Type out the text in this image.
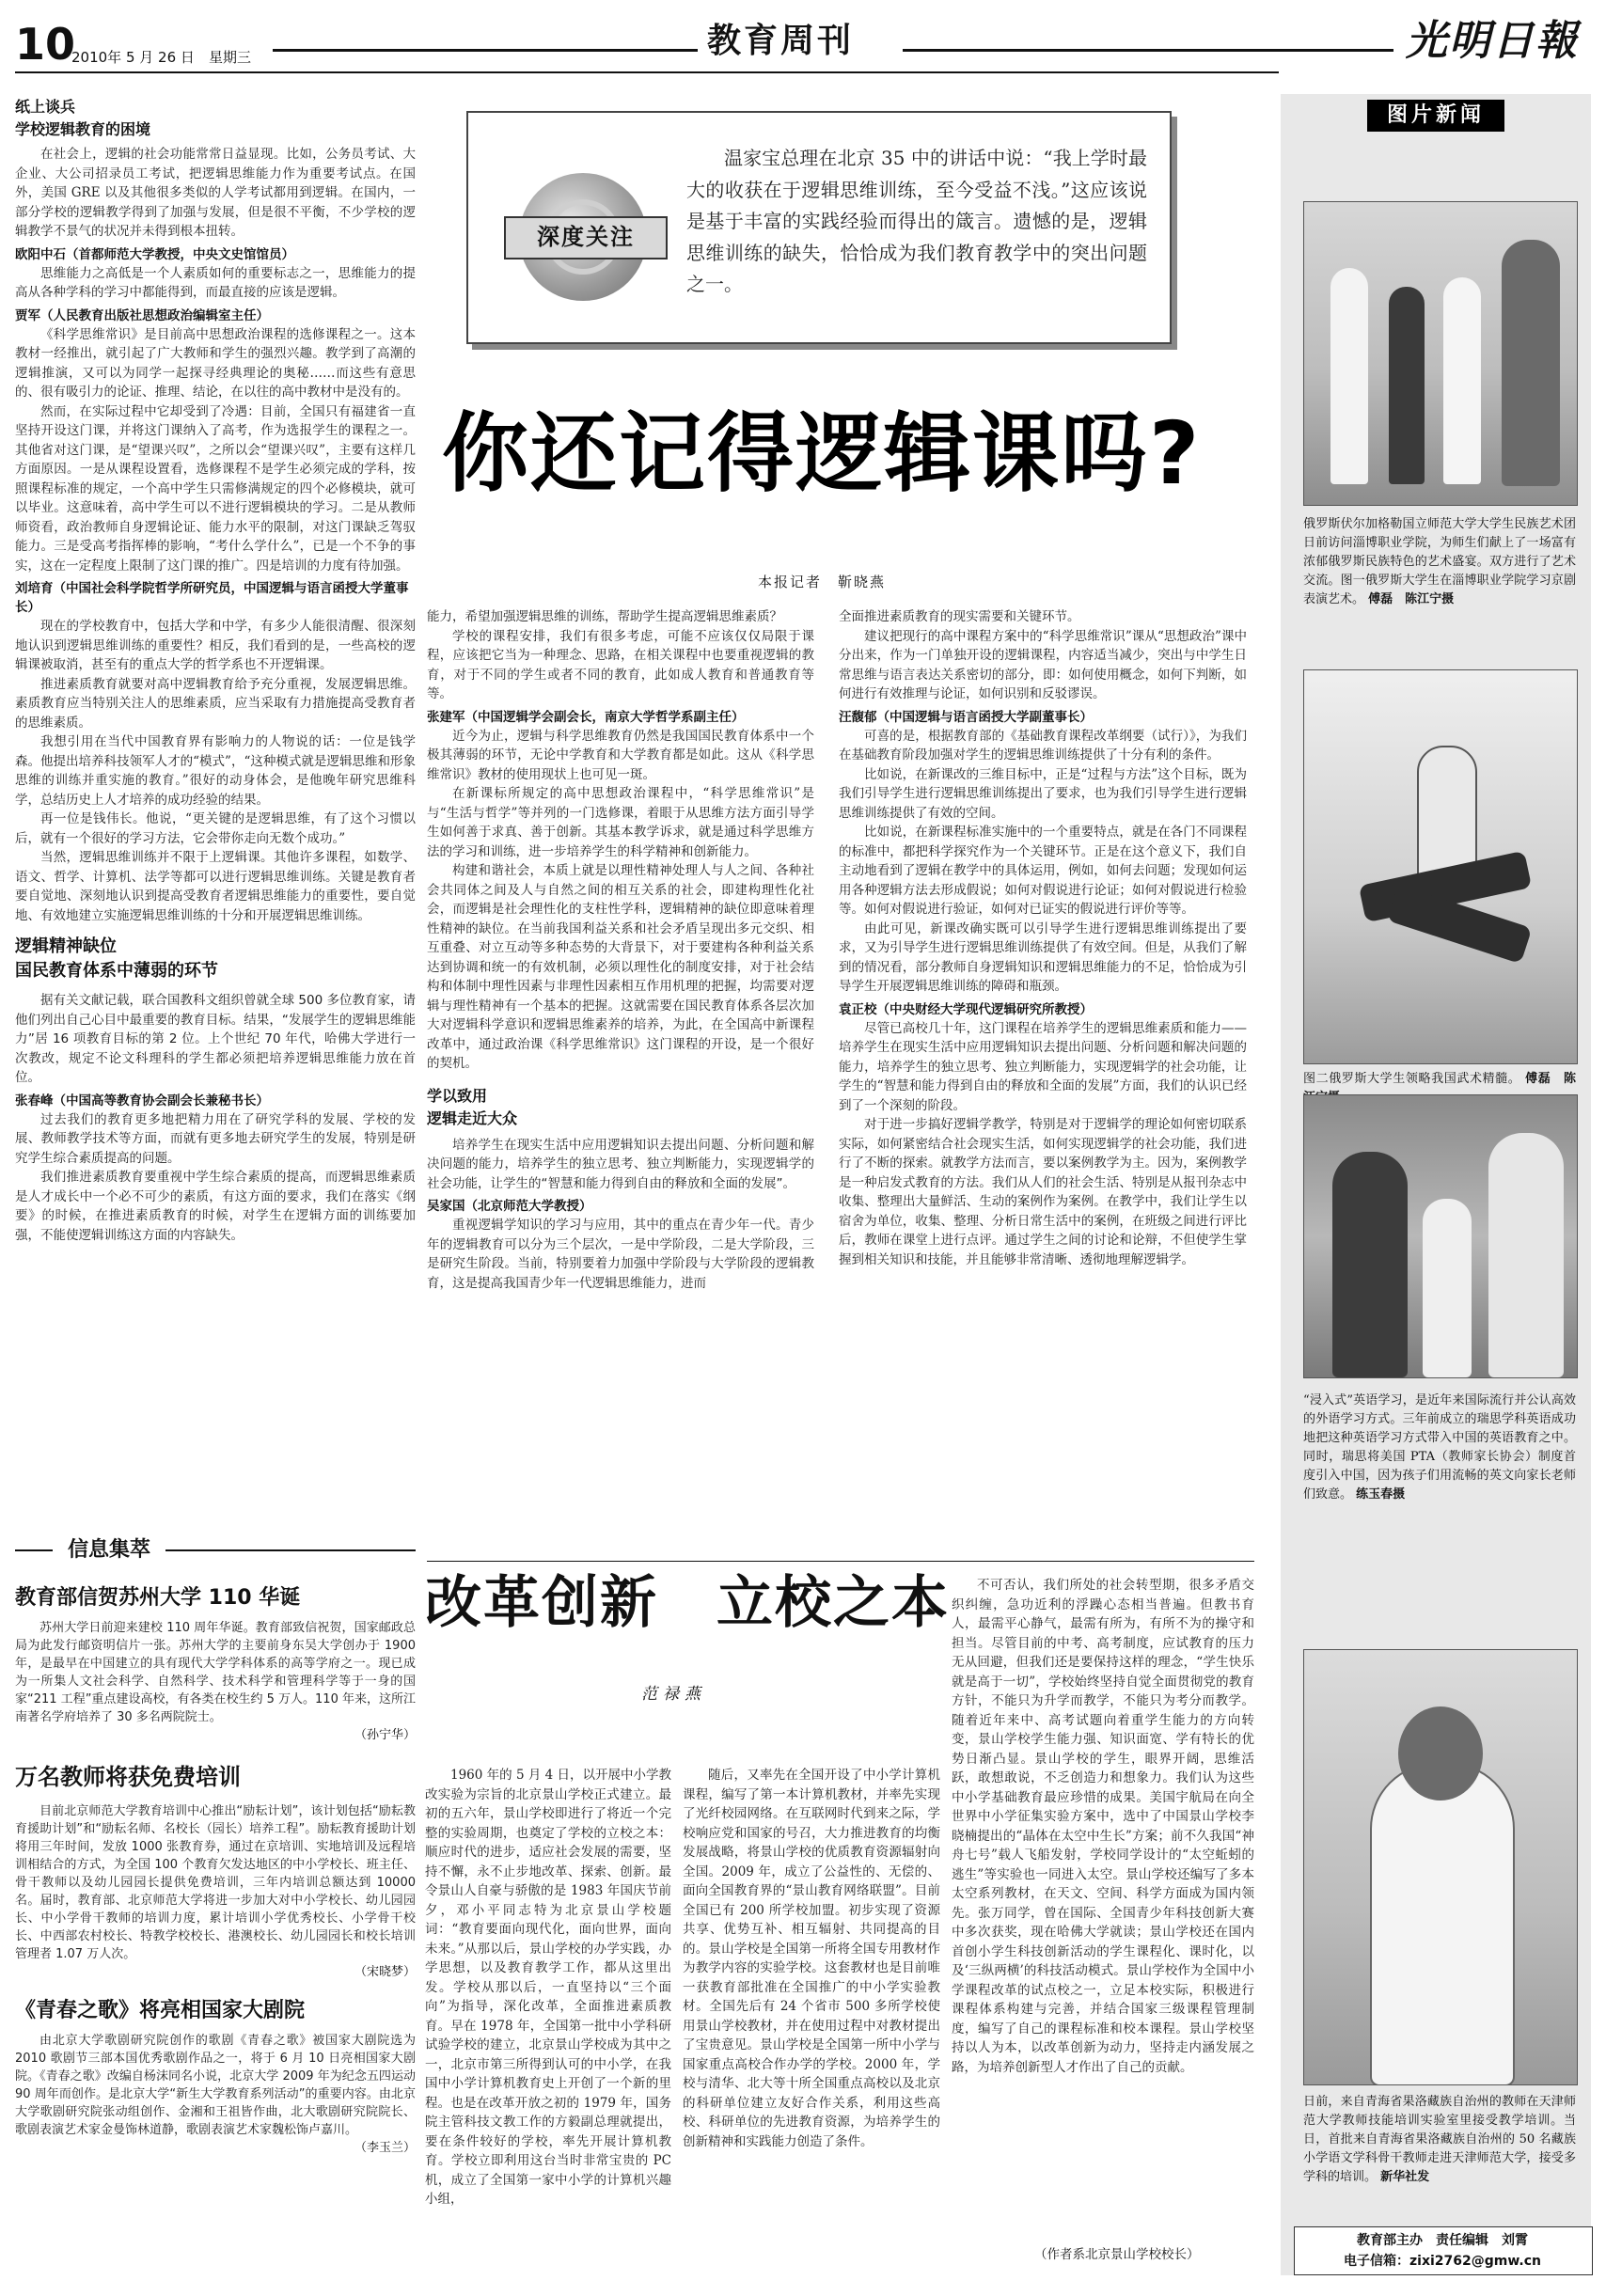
10
2010年 5 月 26 日 星期三	教育周刊	光明日報
纸上谈兵
学校逻辑教育的困境

在社会上，逻辑的社会功能常常日益显现。比如，公务员考试、大企业、大公司招录员工考试，把逻辑思维能力作为重要考试点。在国外，美国 GRE 以及其他很多类似的人学考试都用到逻辑。在国内，一部分学校的逻辑教学得到了加强与发展，但是很不平衡，不少学校的逻辑教学不景气的状况并未得到根本扭转。

欧阳中石（首都师范大学教授，中央文史馆馆员）

思维能力之高低是一个人素质如何的重要标志之一，思维能力的提高从各种学科的学习中都能得到，而最直接的应该是逻辑。

贾军（人民教育出版社思想政治编辑室主任）

《科学思维常识》是目前高中思想政治课程的选修课程之一。这本教材一经推出，就引起了广大教师和学生的强烈兴趣。教学到了高潮的逻辑推演，又可以为同学一起探寻经典理论的奥秘……而这些有意思的、很有吸引力的论证、推理、结论，在以往的高中教材中是没有的。

然而，在实际过程中它却受到了冷遇：目前，全国只有福建省一直坚持开设这门课，并将这门课纳入了高考，作为选报学生的课程之一。其他省对这门课，是“望课兴叹”，之所以会“望课兴叹”，主要有这样几方面原因。一是从课程设置看，选修课程不是学生必须完成的学科，按照课程标准的规定，一个高中学生只需修满规定的四个必修模块，就可以毕业。这意味着，高中学生可以不进行逻辑模块的学习。二是从教师师资看，政治教师自身逻辑论证、能力水平的限制，对这门课缺乏驾驭能力。三是受高考指挥棒的影响，“考什么学什么”，已是一个不争的事实，这在一定程度上限制了这门课的推广。四是培训的力度有待加强。

刘培育（中国社会科学院哲学所研究员，中国逻辑与语言函授大学董事长）

现在的学校教育中，包括大学和中学，有多少人能很清醒、很深刻地认识到逻辑思维训练的重要性？相反，我们看到的是，一些高校的逻辑课被取消，甚至有的重点大学的哲学系也不开逻辑课。

推进素质教育就要对高中逻辑教育给予充分重视，发展逻辑思维。素质教育应当特别关注人的思维素质，应当采取有力措施提高受教育者的思维素质。

我想引用在当代中国教育界有影响力的人物说的话：一位是钱学森。他提出培养科技领军人才的“模式”，“这种模式就是逻辑思维和形象思维的训练并重实施的教育。”很好的动身体会，是他晚年研究思维科学，总结历史上人才培养的成功经验的结果。

再一位是钱伟长。他说，“更关键的是逻辑思维，有了这个习惯以后，就有一个很好的学习方法，它会带你走向无数个成功。”

当然，逻辑思维训练并不限于上逻辑课。其他许多课程，如数学、语文、哲学、计算机、法学等都可以进行逻辑思维训练。关键是教育者要自觉地、深刻地认识到提高受教育者逻辑思维能力的重要性，要自觉地、有效地建立实施逻辑思维训练的十分和开展逻辑思维训练。

逻辑精神缺位
国民教育体系中薄弱的环节

据有关文献记载，联合国教科文组织曾就全球 500 多位教育家，请他们列出自己心目中最重要的教育目标。结果，“发展学生的逻辑思维能力”居 16 项教育目标的第 2 位。上个世纪 70 年代，哈佛大学进行一次教改，规定不论文科理科的学生都必须把培养逻辑思维能力放在首位。

张春峰（中国高等教育协会副会长兼秘书长）

过去我们的教育更多地把精力用在了研究学科的发展、学校的发展、教师教学技术等方面，而就有更多地去研究学生的发展，特别是研究学生综合素质提高的问题。

我们推进素质教育要重视中学生综合素质的提高，而逻辑思维素质是人才成长中一个必不可少的素质，有这方面的要求，我们在落实《纲要》的时候，在推进素质教育的时候，对学生在逻辑方面的训练要加强，不能使逻辑训练这方面的内容缺失。

深度关注
温家宝总理在北京 35 中的讲话中说：“我上学时最大的收获在于逻辑思维训练，至今受益不浅。”这应该说是基于丰富的实践经验而得出的箴言。遗憾的是，逻辑思维训练的缺失，恰恰成为我们教育教学中的突出问题之一。
你还记得逻辑课吗?
本报记者　靳晓燕

能力，希望加强逻辑思维的训练，帮助学生提高逻辑思维素质？

学校的课程安排，我们有很多考虑，可能不应该仅仅局限于课程，应该把它当为一种理念、思路，在相关课程中也要重视逻辑的教育，对于不同的学生或者不同的教育，此如成人教育和普通教育等等。

张建军（中国逻辑学会副会长，南京大学哲学系副主任）

近今为止，逻辑与科学思维教育仍然是我国国民教育体系中一个极其薄弱的环节，无论中学教育和大学教育都是如此。这从《科学思维常识》教材的使用现状上也可见一斑。

在新课标所规定的高中思想政治课程中，“科学思维常识”是与“生活与哲学”等并列的一门选修课，着眼于从思维方法方面引导学生如何善于求真、善于创新。其基本教学诉求，就是通过科学思维方法的学习和训练，进一步培养学生的科学精神和创新能力。

构建和谐社会，本质上就是以理性精神处理人与人之间、各种社会共同体之间及人与自然之间的相互关系的社会，即建构理性化社会，而逻辑是社会理性化的支柱性学科，逻辑精神的缺位即意味着理性精神的缺位。在当前我国利益关系和社会矛盾呈现出多元交织、相互重叠、对立互动等多种态势的大背景下，对于要建构各种利益关系达到协调和统一的有效机制，必须以理性化的制度安排，对于社会结构和体制中理性因素与非理性因素相互作用机理的把握，均需要对逻辑与理性精神有一个基本的把握。这就需要在国民教育体系各层次加大对逻辑科学意识和逻辑思维素养的培养，为此，在全国高中新课程改革中，通过政治课《科学思维常识》这门课程的开设，是一个很好的契机。

学以致用
逻辑走近大众

培养学生在现实生活中应用逻辑知识去提出问题、分析问题和解决问题的能力，培养学生的独立思考、独立判断能力，实现逻辑学的社会功能，让学生的“智慧和能力得到自由的释放和全面的发展”。

吴家国（北京师范大学教授）

重视逻辑学知识的学习与应用，其中的重点在青少年一代。青少年的逻辑教育可以分为三个层次，一是中学阶段，二是大学阶段，三是研究生阶段。当前，特别要着力加强中学阶段与大学阶段的逻辑教育，这是提高我国青少年一代逻辑思维能力，进而

全面推进素质教育的现实需要和关键环节。

建议把现行的高中课程方案中的“科学思维常识”课从“思想政治”课中分出来，作为一门单独开设的逻辑课程，内容适当减少，突出与中学生日常思维与语言表达关系密切的部分，即：如何使用概念，如何下判断，如何进行有效推理与论证，如何识别和反驳谬误。

汪馥郁（中国逻辑与语言函授大学副董事长）

可喜的是，根据教育部的《基础教育课程改革纲要（试行）》，为我们在基础教育阶段加强对学生的逻辑思维训练提供了十分有利的条件。

比如说，在新课改的三维目标中，正是“过程与方法”这个目标，既为我们引导学生进行逻辑思维训练提出了要求，也为我们引导学生进行逻辑思维训练提供了有效的空间。

比如说，在新课程标准实施中的一个重要特点，就是在各门不同课程的标准中，都把科学探究作为一个关键环节。正是在这个意义下，我们自主动地看到了逻辑在教学中的具体运用，例如，如何去问题；发现如何运用各种逻辑方法去形成假说；如何对假说进行论证；如何对假说进行检验等。如何对假说进行验证，如何对已证实的假说进行评价等等。

由此可见，新课改确实既可以引导学生进行逻辑思维训练提出了要求，又为引导学生进行逻辑思维训练提供了有效空间。但是，从我们了解到的情况看，部分教师自身逻辑知识和逻辑思维能力的不足，恰恰成为引导学生开展逻辑思维训练的障碍和瓶颈。

袁正校（中央财经大学现代逻辑研究所教授）

尽管已高校几十年，这门课程在培养学生的逻辑思维素质和能力——培养学生在现实生活中应用逻辑知识去提出问题、分析问题和解决问题的能力，培养学生的独立思考、独立判断能力，实现逻辑学的社会功能，让学生的“智慧和能力得到自由的释放和全面的发展”方面，我们的认识已经到了一个深刻的阶段。

对于进一步搞好逻辑学教学，特别是对于逻辑学的理论如何密切联系实际，如何紧密结合社会现实生活，如何实现逻辑学的社会功能，我们进行了不断的探索。就教学方法而言，要以案例教学为主。因为，案例教学是一种启发式教育的方法。我们从人们的社会生活、特别是从报刊杂志中收集、整理出大量鲜活、生动的案例作为案例。在教学中，我们让学生以宿舍为单位，收集、整理、分析日常生活中的案例，在班级之间进行评比后，教师在课堂上进行点评。通过学生之间的讨论和论辩，不但使学生掌握到相关知识和技能，并且能够非常清晰、透彻地理解逻辑学。

信息集萃
教育部信贺苏州大学 110 华诞

苏州大学日前迎来建校 110 周年华诞。教育部致信祝贺，国家邮政总局为此发行邮资明信片一张。苏州大学的主要前身东吴大学创办于 1900 年，是最早在中国建立的具有现代大学学科体系的高等学府之一。现已成为一所集人文社会科学、自然科学、技术科学和管理科学等于一身的国家“211 工程”重点建设高校，有各类在校生约 5 万人。110 年来，这所江南著名学府培养了 30 多名两院院士。

（孙宁华）
万名教师将获免费培训

目前北京师范大学教育培训中心推出“励耘计划”，该计划包括“励耘教育援助计划”和“励耘名师、名校长（园长）培养工程”。励耘教育援助计划将用三年时间，发放 1000 张教育券，通过在京培训、实地培训及远程培训相结合的方式，为全国 100 个教育欠发达地区的中小学校长、班主任、骨干教师以及幼儿园园长提供免费培训，三年内培训总额达到 10000 名。届时，教育部、北京师范大学将进一步加大对中小学校长、幼儿园园长、中小学骨干教师的培训力度，累计培训小学优秀校长、小学骨干校长、中西部农村校长、特教学校校长、港澳校长、幼儿园园长和校长培训管理者 1.07 万人次。

（宋晓梦）
《青春之歌》将亮相国家大剧院

由北京大学歌剧研究院创作的歌剧《青春之歌》被国家大剧院选为 2010 歌剧节三部本国优秀歌剧作品之一，将于 6 月 10 日亮相国家大剧院。《青春之歌》改编自杨沫同名小说，北京大学 2009 年为纪念五四运动 90 周年而创作。是北京大学“新生大学教育系列活动”的重要内容。由北京大学歌剧研究院张动组创作、金湘和王祖皆作曲，北大歌剧研究院院长、歌剧表演艺术家金曼饰林道静，歌剧表演艺术家魏松饰卢嘉川。

（李玉兰）
改革创新　立校之本
范禄燕

1960 年的 5 月 4 日，以开展中小学教改实验为宗旨的北京景山学校正式建立。最初的五六年，景山学校即进行了将近一个完整的实验周期，也奠定了学校的立校之本：顺应时代的进步，适应社会发展的需要，坚持不懈，永不止步地改革、探索、创新。最令景山人自豪与骄傲的是 1983 年国庆节前夕，邓小平同志特为北京景山学校题词：“教育要面向现代化，面向世界，面向未来。”从那以后，景山学校的办学实践，办学思想，以及教育教学工作，都从这里出发。学校从那以后，一直坚持以“三个面向”为指导，深化改革，全面推进素质教育。早在 1978 年，全国第一批中小学科研试验学校的建立，北京景山学校成为其中之一，北京市第三所得到认可的中小学，在我国中小学计算机教育史上开创了一个新的里程。也是在改革开放之初的 1979 年，国务院主管科技文教工作的方毅副总理就提出，要在条件较好的学校，率先开展计算机教育。学校立即利用这台当时非常宝贵的 PC 机，成立了全国第一家中小学的计算机兴趣小组，

随后，又率先在全国开设了中小学计算机课程，编写了第一本计算机教材，并率先实现了光纤校园网络。在互联网时代到来之际，学校响应党和国家的号召，大力推进教育的均衡发展战略，将景山学校的优质教育资源辐射向全国。2009 年，成立了公益性的、无偿的、面向全国教育界的“景山教育网络联盟”。目前全国已有 200 所学校加盟。初步实现了资源共享、优势互补、相互辐射、共同提高的目的。景山学校是全国第一所将全国专用教材作为教学内容的实验学校。这套教材也是目前唯一获教育部批准在全国推广的中小学实验教材。全国先后有 24 个省市 500 多所学校使用景山学校教材，并在使用过程中对教材提出了宝贵意见。景山学校是全国第一所中小学与国家重点高校合作办学的学校。2000 年，学校与清华、北大等十所全国重点高校以及北京的科研单位建立友好合作关系，利用这些高校、科研单位的先进教育资源，为培养学生的创新精神和实践能力创造了条件。

不可否认，我们所处的社会转型期，很多矛盾交织纠缠，急功近利的浮躁心态相当普遍。但教书育人，最需平心静气，最需有所为，有所不为的操守和担当。尽管目前的中考、高考制度，应试教育的压力无从回避，但我们还是要保持这样的理念，“学生快乐就是高于一切”，学校始终坚持自觉全面贯彻党的教育方针，不能只为升学而教学，不能只为考分而教学。随着近年来中、高考试题向着重学生能力的方向转变，景山学校学生能力强、知识面宽、学有特长的优势日渐凸显。景山学校的学生，眼界开阔，思维活跃，敢想敢说，不乏创造力和想象力。我们认为这些中小学基础教育最应珍惜的成果。美国宇航局在向全世界中小学征集实验方案中，选中了中国景山学校李晓楠提出的“晶体在太空中生长”方案；前不久我国“神舟七号”载人飞船发射，学校同学设计的“太空蚯蚓的逃生”等实验也一同进入太空。景山学校还编写了多本太空系列教材，在天文、空间、科学方面成为国内领先。张万同学，曾在国际、全国青少年科技创新大赛中多次获奖，现在哈佛大学就读；景山学校还在国内首创小学生科技创新活动的学生课程化、课时化，以及‘三纵两横’的科技活动模式。景山学校作为全国中小学课程改革的试点校之一，立足本校实际，积极进行课程体系构建与完善，并结合国家三级课程管理制度，编写了自己的课程标准和校本课程。景山学校坚持以人为本，以改革创新为动力，坚持走内涵发展之路，为培养创新型人才作出了自己的贡献。

（作者系北京景山学校校长）
图片新闻
俄罗斯伏尔加格勒国立师范大学大学生民族艺术团日前访问淄博职业学院，为师生们献上了一场富有浓郁俄罗斯民族特色的艺术盛宴。双方进行了艺术交流。图一俄罗斯大学生在淄博职业学院学习京剧表演艺术。 傅磊　陈江宁摄
图二俄罗斯大学生领略我国武术精髓。 傅磊　陈
“浸入式”英语学习，是近年来国际流行并公认高效的外语学习方式。三年前成立的瑞思学科英语成功地把这种英语学习方式带入中国的英语教育之中。同时，瑞思将美国 PTA（教师家长协会）制度首度引入中国，因为孩子们用流畅的英文向家长老师们致意。 练玉春摄
日前，来自青海省果洛藏族自治州的教师在天津师范大学教师技能培训实验室里接受教学培训。当日，首批来自青海省果洛藏族自治州的 50 名藏族小学语文学科骨干教师走进天津师范大学，接受多学科的培训。 新华社发
教育部主办　责任编辑　刘霄
电子信箱：zixi2762@gmw.cn
